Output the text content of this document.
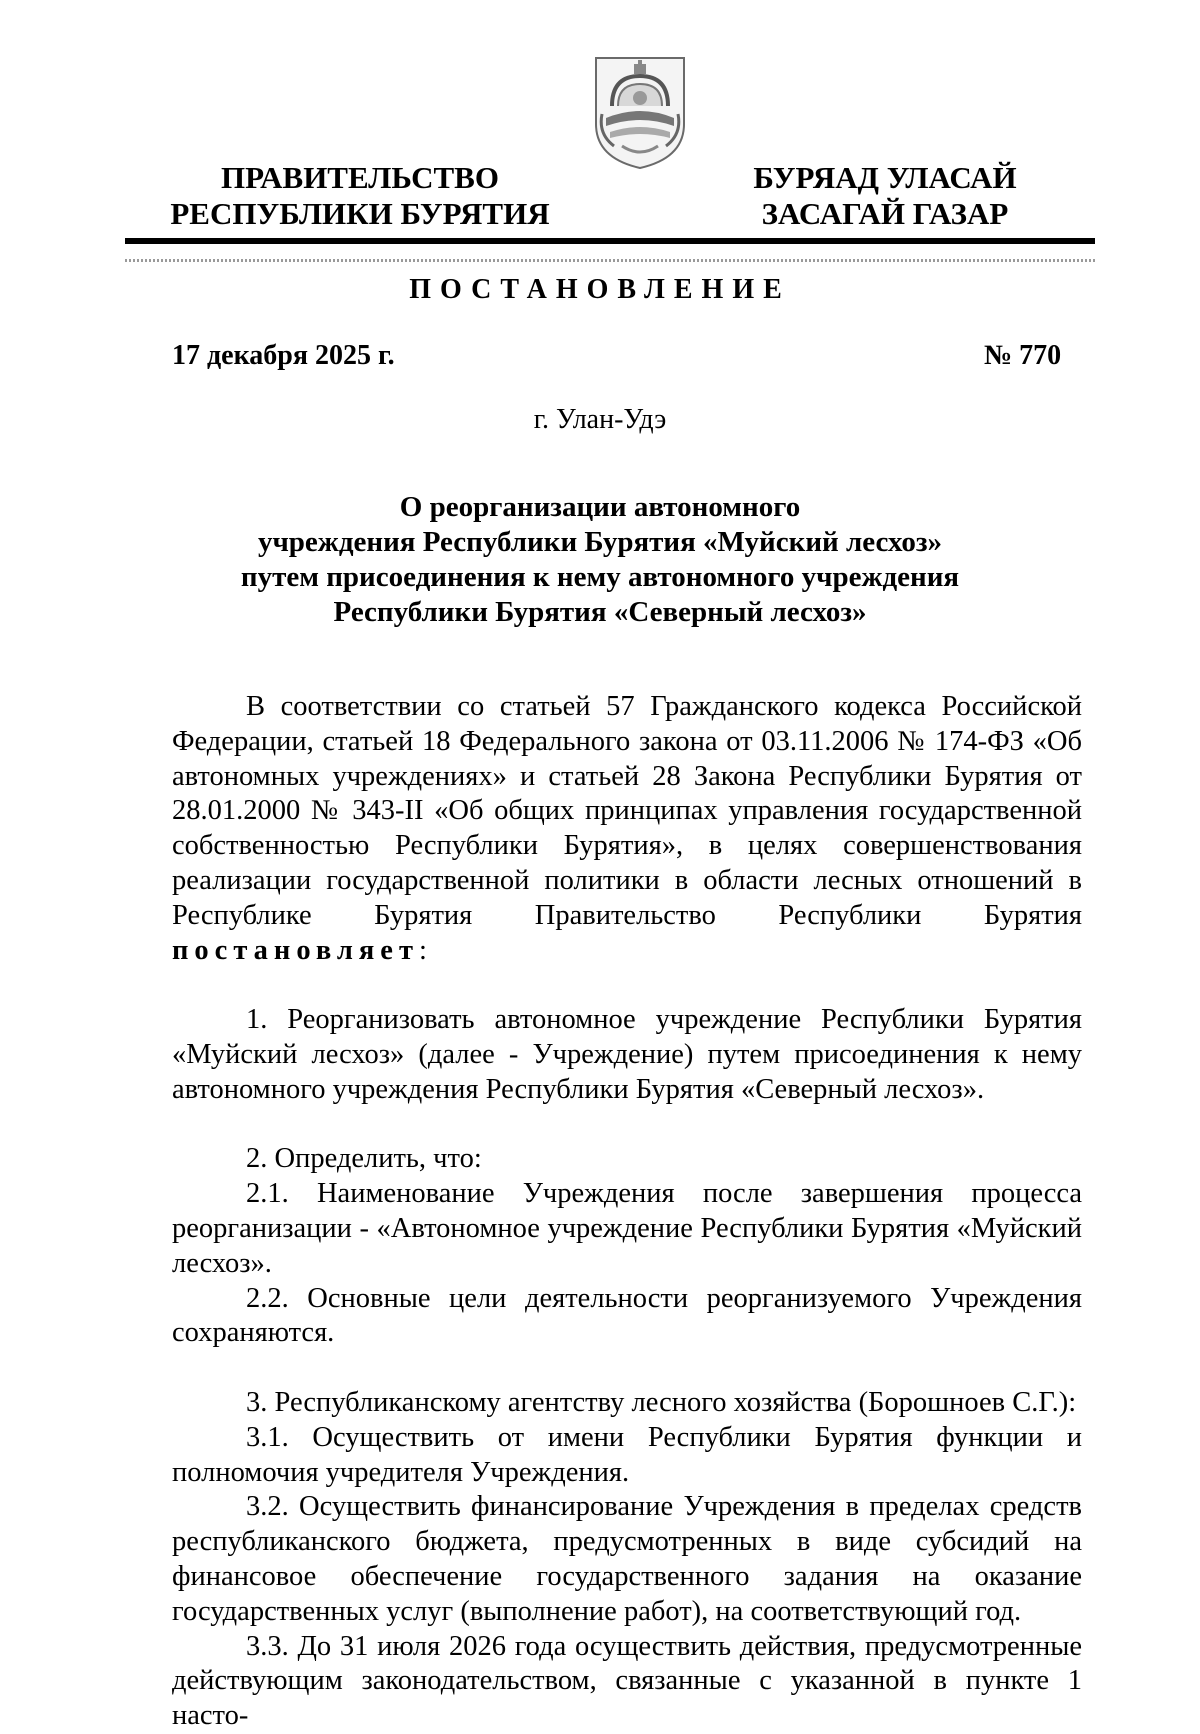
ПРАВИТЕЛЬСТВО
РЕСПУБЛИКИ БУРЯТИЯ
БУРЯАД УЛАСАЙ
ЗАСАГАЙ ГАЗАР
ПОСТАНОВЛЕНИЕ
17 декабря 2025 г.	№ 770
г. Улан-Удэ
О реорганизации автономного
учреждения Республики Бурятия «Муйский лесхоз»
путем присоединения к нему автономного учреждения
Республики Бурятия «Северный лесхоз»

В соответствии со статьей 57 Гражданского кодекса Российской Федерации, статьей 18 Федерального закона от 03.11.2006 № 174-ФЗ «Об автономных учреждениях» и статьей 28 Закона Республики Бурятия от 28.01.2000 № 343-II «Об общих принципах управления государственной собственностью Республики Бурятия», в целях совершенствования реализации государственной политики в области лесных отношений в Республике Бурятия Правительство Республики Бурятия постановляет:

1. Реорганизовать автономное учреждение Республики Бурятия «Муйский лесхоз» (далее - Учреждение) путем присоединения к нему автономного учреждения Республики Бурятия «Северный лесхоз».

2. Определить, что:

2.1. Наименование Учреждения после завершения процесса реорганизации - «Автономное учреждение Республики Бурятия «Муйский лесхоз».

2.2. Основные цели деятельности реорганизуемого Учреждения сохраняются.

3. Республиканскому агентству лесного хозяйства (Борошноев С.Г.):

3.1. Осуществить от имени Республики Бурятия функции и полномочия учредителя Учреждения.

3.2. Осуществить финансирование Учреждения в пределах средств республиканского бюджета, предусмотренных в виде субсидий на финансовое обеспечение государственного задания на оказание государственных услуг (выполнение работ), на соответствующий год.

3.3. До 31 июля 2026 года осуществить действия, предусмотренные действующим законодательством, связанные с указанной в пункте 1 насто-
